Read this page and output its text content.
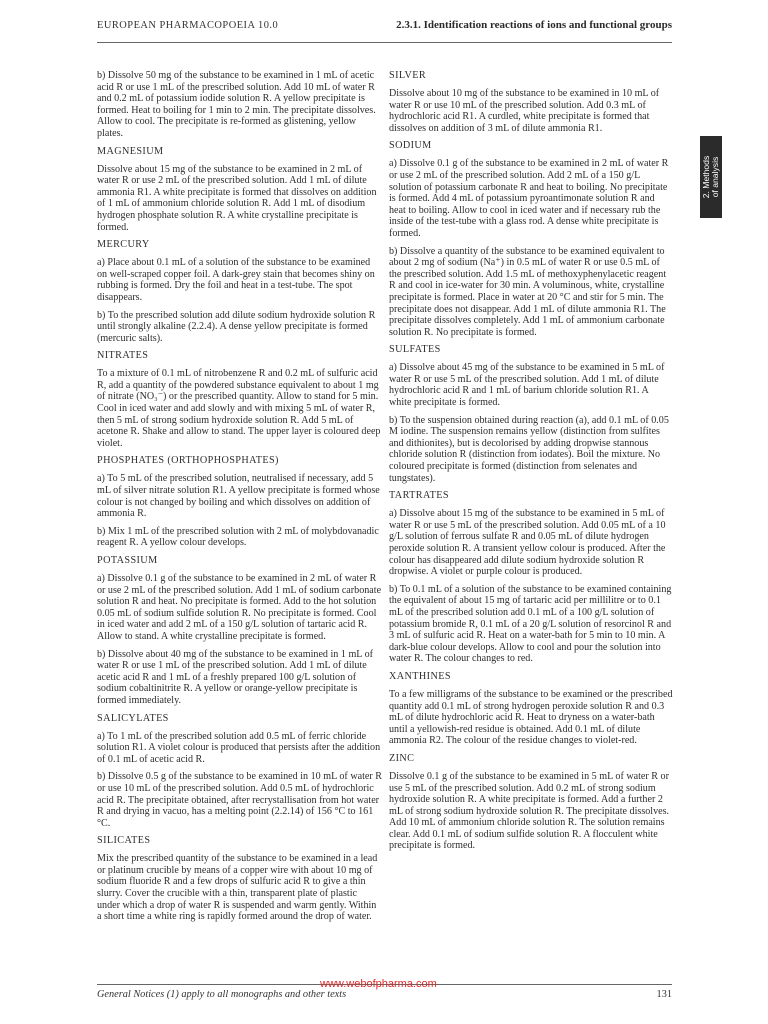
EUROPEAN PHARMACOPOEIA 10.0	2.3.1. Identification reactions of ions and functional groups
b) Dissolve 50 mg of the substance to be examined in 1 mL of acetic acid R or use 1 mL of the prescribed solution. Add 10 mL of water R and 0.2 mL of potassium iodide solution R. A yellow precipitate is formed. Heat to boiling for 1 min to 2 min. The precipitate dissolves. Allow to cool. The precipitate is re-formed as glistening, yellow plates.
MAGNESIUM
Dissolve about 15 mg of the substance to be examined in 2 mL of water R or use 2 mL of the prescribed solution. Add 1 mL of dilute ammonia R1. A white precipitate is formed that dissolves on addition of 1 mL of ammonium chloride solution R. Add 1 mL of disodium hydrogen phosphate solution R. A white crystalline precipitate is formed.
MERCURY
a) Place about 0.1 mL of a solution of the substance to be examined on well-scraped copper foil. A dark-grey stain that becomes shiny on rubbing is formed. Dry the foil and heat in a test-tube. The spot disappears.
b) To the prescribed solution add dilute sodium hydroxide solution R until strongly alkaline (2.2.4). A dense yellow precipitate is formed (mercuric salts).
NITRATES
To a mixture of 0.1 mL of nitrobenzene R and 0.2 mL of sulfuric acid R, add a quantity of the powdered substance equivalent to about 1 mg of nitrate (NO₃⁻) or the prescribed quantity. Allow to stand for 5 min. Cool in iced water and add slowly and with mixing 5 mL of water R, then 5 mL of strong sodium hydroxide solution R. Add 5 mL of acetone R. Shake and allow to stand. The upper layer is coloured deep violet.
PHOSPHATES (ORTHOPHOSPHATES)
a) To 5 mL of the prescribed solution, neutralised if necessary, add 5 mL of silver nitrate solution R1. A yellow precipitate is formed whose colour is not changed by boiling and which dissolves on addition of ammonia R.
b) Mix 1 mL of the prescribed solution with 2 mL of molybdovanadic reagent R. A yellow colour develops.
POTASSIUM
a) Dissolve 0.1 g of the substance to be examined in 2 mL of water R or use 2 mL of the prescribed solution. Add 1 mL of sodium carbonate solution R and heat. No precipitate is formed. Add to the hot solution 0.05 mL of sodium sulfide solution R. No precipitate is formed. Cool in iced water and add 2 mL of a 150 g/L solution of tartaric acid R. Allow to stand. A white crystalline precipitate is formed.
b) Dissolve about 40 mg of the substance to be examined in 1 mL of water R or use 1 mL of the prescribed solution. Add 1 mL of dilute acetic acid R and 1 mL of a freshly prepared 100 g/L solution of sodium cobaltinitrite R. A yellow or orange-yellow precipitate is formed immediately.
SALICYLATES
a) To 1 mL of the prescribed solution add 0.5 mL of ferric chloride solution R1. A violet colour is produced that persists after the addition of 0.1 mL of acetic acid R.
b) Dissolve 0.5 g of the substance to be examined in 10 mL of water R or use 10 mL of the prescribed solution. Add 0.5 mL of hydrochloric acid R. The precipitate obtained, after recrystallisation from hot water R and drying in vacuo, has a melting point (2.2.14) of 156 °C to 161 °C.
SILICATES
Mix the prescribed quantity of the substance to be examined in a lead or platinum crucible by means of a copper wire with about 10 mg of sodium fluoride R and a few drops of sulfuric acid R to give a thin slurry. Cover the crucible with a thin, transparent plate of plastic under which a drop of water R is suspended and warm gently. Within a short time a white ring is rapidly formed around the drop of water.
SILVER
Dissolve about 10 mg of the substance to be examined in 10 mL of water R or use 10 mL of the prescribed solution. Add 0.3 mL of hydrochloric acid R1. A curdled, white precipitate is formed that dissolves on addition of 3 mL of dilute ammonia R1.
SODIUM
a) Dissolve 0.1 g of the substance to be examined in 2 mL of water R or use 2 mL of the prescribed solution. Add 2 mL of a 150 g/L solution of potassium carbonate R and heat to boiling. No precipitate is formed. Add 4 mL of potassium pyroantimonate solution R and heat to boiling. Allow to cool in iced water and if necessary rub the inside of the test-tube with a glass rod. A dense white precipitate is formed.
b) Dissolve a quantity of the substance to be examined equivalent to about 2 mg of sodium (Na⁺) in 0.5 mL of water R or use 0.5 mL of the prescribed solution. Add 1.5 mL of methoxyphenylacetic reagent R and cool in ice-water for 30 min. A voluminous, white, crystalline precipitate is formed. Place in water at 20 °C and stir for 5 min. The precipitate does not disappear. Add 1 mL of dilute ammonia R1. The precipitate dissolves completely. Add 1 mL of ammonium carbonate solution R. No precipitate is formed.
SULFATES
a) Dissolve about 45 mg of the substance to be examined in 5 mL of water R or use 5 mL of the prescribed solution. Add 1 mL of dilute hydrochloric acid R and 1 mL of barium chloride solution R1. A white precipitate is formed.
b) To the suspension obtained during reaction (a), add 0.1 mL of 0.05 M iodine. The suspension remains yellow (distinction from sulfites and dithionites), but is decolorised by adding dropwise stannous chloride solution R (distinction from iodates). Boil the mixture. No coloured precipitate is formed (distinction from selenates and tungstates).
TARTRATES
a) Dissolve about 15 mg of the substance to be examined in 5 mL of water R or use 5 mL of the prescribed solution. Add 0.05 mL of a 10 g/L solution of ferrous sulfate R and 0.05 mL of dilute hydrogen peroxide solution R. A transient yellow colour is produced. After the colour has disappeared add dilute sodium hydroxide solution R dropwise. A violet or purple colour is produced.
b) To 0.1 mL of a solution of the substance to be examined containing the equivalent of about 15 mg of tartaric acid per millilitre or to 0.1 mL of the prescribed solution add 0.1 mL of a 100 g/L solution of potassium bromide R, 0.1 mL of a 20 g/L solution of resorcinol R and 3 mL of sulfuric acid R. Heat on a water-bath for 5 min to 10 min. A dark-blue colour develops. Allow to cool and pour the solution into water R. The colour changes to red.
XANTHINES
To a few milligrams of the substance to be examined or the prescribed quantity add 0.1 mL of strong hydrogen peroxide solution R and 0.3 mL of dilute hydrochloric acid R. Heat to dryness on a water-bath until a yellowish-red residue is obtained. Add 0.1 mL of dilute ammonia R2. The colour of the residue changes to violet-red.
ZINC
Dissolve 0.1 g of the substance to be examined in 5 mL of water R or use 5 mL of the prescribed solution. Add 0.2 mL of strong sodium hydroxide solution R. A white precipitate is formed. Add a further 2 mL of strong sodium hydroxide solution R. The precipitate dissolves. Add 10 mL of ammonium chloride solution R. The solution remains clear. Add 0.1 mL of sodium sulfide solution R. A flocculent white precipitate is formed.
2. Methods of analysis
General Notices (1) apply to all monographs and other texts
www.webofpharma.com
131
